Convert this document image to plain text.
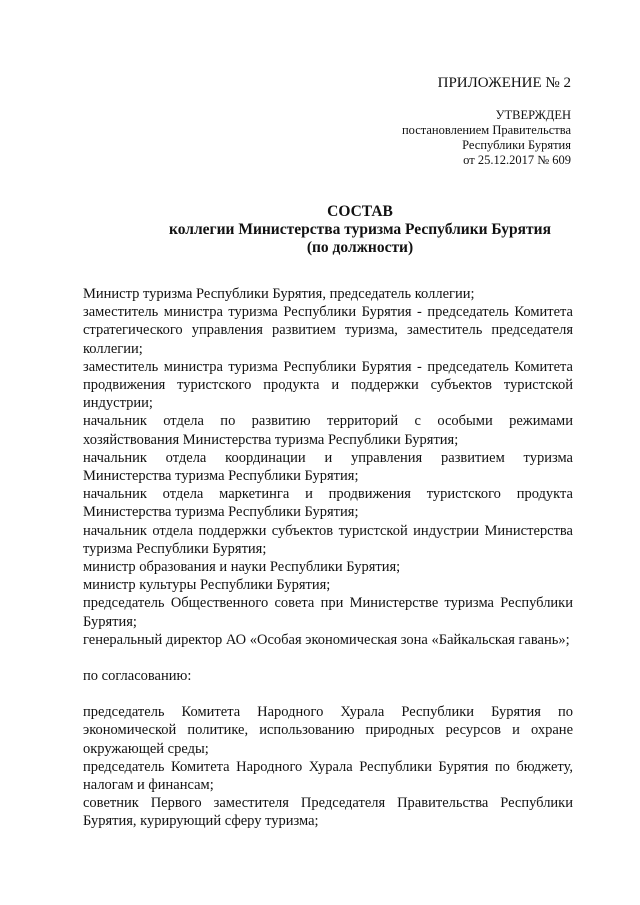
ПРИЛОЖЕНИЕ № 2
УТВЕРЖДЕН
постановлением Правительства
Республики Бурятия
от 25.12.2017 № 609
СОСТАВ
коллегии Министерства туризма Республики Бурятия
(по должности)

Министр туризма Республики Бурятия, председатель коллегии;

заместитель министра туризма Республики Бурятия - председатель Комитета стратегического управления развитием туризма, заместитель председателя коллегии;

заместитель министра туризма Республики Бурятия - председатель Комитета продвижения туристского продукта и поддержки субъектов туристской индустрии;

начальник отдела по развитию территорий с особыми режимами хозяйствования Министерства туризма Республики Бурятия;

начальник отдела координации и управления развитием туризма Министерства туризма Республики Бурятия;

начальник отдела маркетинга и продвижения туристского продукта Министерства туризма Республики Бурятия;

начальник отдела поддержки субъектов туристской индустрии Министерства туризма Республики Бурятия;

министр образования и науки Республики Бурятия;

министр культуры Республики Бурятия;

председатель Общественного совета при Министерстве туризма Республики Бурятия;

генеральный директор АО «Особая экономическая зона «Байкальская гавань»;

по согласованию:

председатель Комитета Народного Хурала Республики Бурятия по экономической политике, использованию природных ресурсов и охране окружающей среды;

председатель Комитета Народного Хурала Республики Бурятия по бюджету, налогам и финансам;

советник Первого заместителя Председателя Правительства Республики Бурятия, курирующий сферу туризма;
